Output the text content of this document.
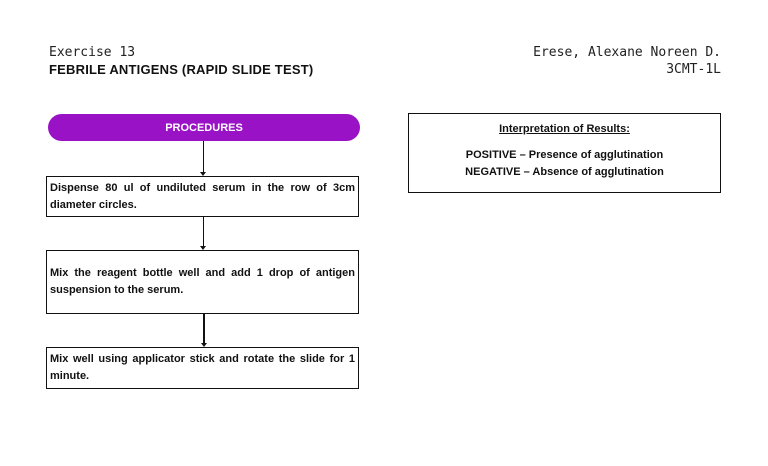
Exercise 13
FEBRILE ANTIGENS (RAPID SLIDE TEST)
Erese, Alexane Noreen D.
3CMT-1L
PROCEDURES
Dispense 80 ul of undiluted serum in the row of 3cm diameter circles.
Mix the reagent bottle well and add 1 drop of antigen suspension to the serum.
Mix well using applicator stick and rotate the slide for 1 minute.
Interpretation of Results:
POSITIVE – Presence of agglutination
NEGATIVE – Absence of agglutination
